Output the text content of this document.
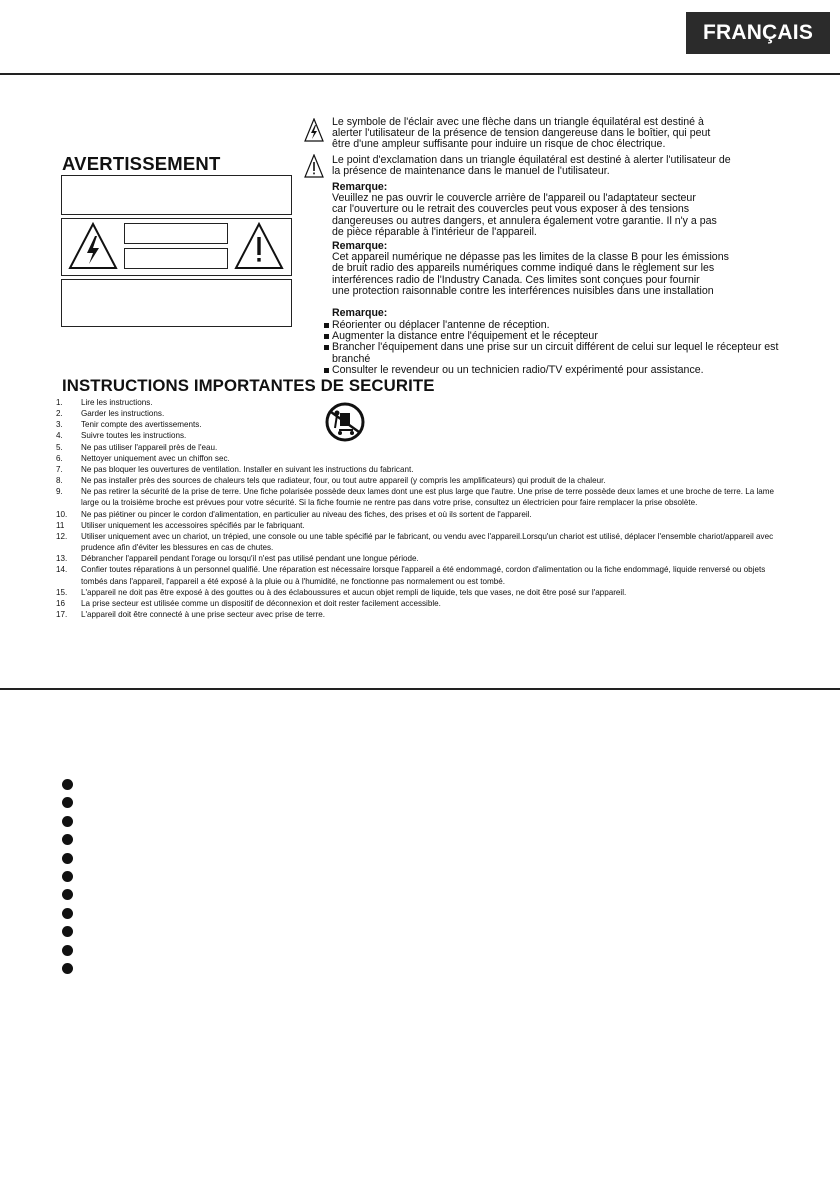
FRANÇAIS
AVERTISSEMENT
Le symbole de l'éclair avec une flèche dans un triangle équilatéral est destiné à
alerter l'utilisateur de la présence de tension dangereuse dans le boîtier, qui peut
être d'une ampleur suffisante pour induire un risque de choc électrique.
Le point d'exclamation dans un triangle équilatéral est destiné à alerter l'utilisateur de
la présence de maintenance dans le manuel de l'utilisateur.
Remarque:
Veuillez ne pas ouvrir le couvercle arrière de l'appareil ou l'adaptateur secteur
car l'ouverture ou le retrait des couvercles peut vous exposer à des tensions
dangereuses ou autres dangers, et annulera également votre garantie. Il n'y a pas
de pièce réparable à l'intérieur de l'appareil.
Remarque:
Cet appareil numérique ne dépasse pas les limites de la classe B pour les émissions
de bruit radio des appareils numériques comme indiqué dans le règlement sur les
interférences radio de l'Industry Canada. Ces limites sont conçues pour fournir
une protection raisonnable contre les interférences nuisibles dans une installation
Remarque:
Réorienter ou déplacer l'antenne de réception.
Augmenter la distance entre l'équipement et le récepteur
Brancher l'équipement dans une prise sur un circuit différent de celui sur lequel le récepteur est branché
Consulter le revendeur ou un technicien radio/TV expérimenté pour assistance.
INSTRUCTIONS IMPORTANTES DE SECURITE
1. Lire les instructions.
2. Garder les instructions.
3. Tenir compte des avertissements.
4. Suivre toutes les instructions.
5. Ne pas utiliser l'appareil près de l'eau.
6. Nettoyer uniquement avec un chiffon sec.
7. Ne pas bloquer les ouvertures de ventilation. Installer en suivant les instructions du fabricant.
8. Ne pas installer près des sources de chaleurs tels que radiateur, four, ou tout autre appareil (y compris les amplificateurs) qui produit de la chaleur.
9. Ne pas retirer la sécurité de la prise de terre. Une fiche polarisée possède deux lames dont une est plus large que l'autre. Une prise de terre possède deux lames et une broche de terre. La lame large ou la troisième broche est prévues pour votre sécurité. Si la fiche fournie ne rentre pas dans votre prise, consultez un électricien pour faire remplacer la prise obsolète.
10. Ne pas piétiner ou pincer le cordon d'alimentation, en particulier au niveau des fiches, des prises et où ils sortent de l'appareil.
11 Utiliser uniquement les accessoires spécifiés par le fabriquant.
12. Utiliser uniquement avec un chariot, un trépied, une console ou une table spécifié par le fabricant, ou vendu avec l'appareil.Lorsqu'un chariot est utilisé, déplacer l'ensemble chariot/appareil avec prudence afin d'éviter les blessures en cas de chutes.
13. Débrancher l'appareil pendant l'orage ou lorsqu'il n'est pas utilisé pendant une longue période.
14. Confier toutes réparations à un personnel qualifié. Une réparation est nécessaire lorsque l'appareil a été endommagé, cordon d'alimentation ou la fiche endommagé, liquide renversé ou objets tombés dans l'appareil, l'appareil a été exposé à la pluie ou à l'humidité, ne fonctionne pas normalement ou est tombé.
15. L'appareil ne doit pas être exposé à des gouttes ou à des éclaboussures et aucun objet rempli de liquide, tels que vases, ne doit être posé sur l'appareil.
16 La prise secteur est utilisée comme un dispositif de déconnexion et doit rester facilement accessible.
17. L'appareil doit être connecté à une prise secteur avec prise de terre.
